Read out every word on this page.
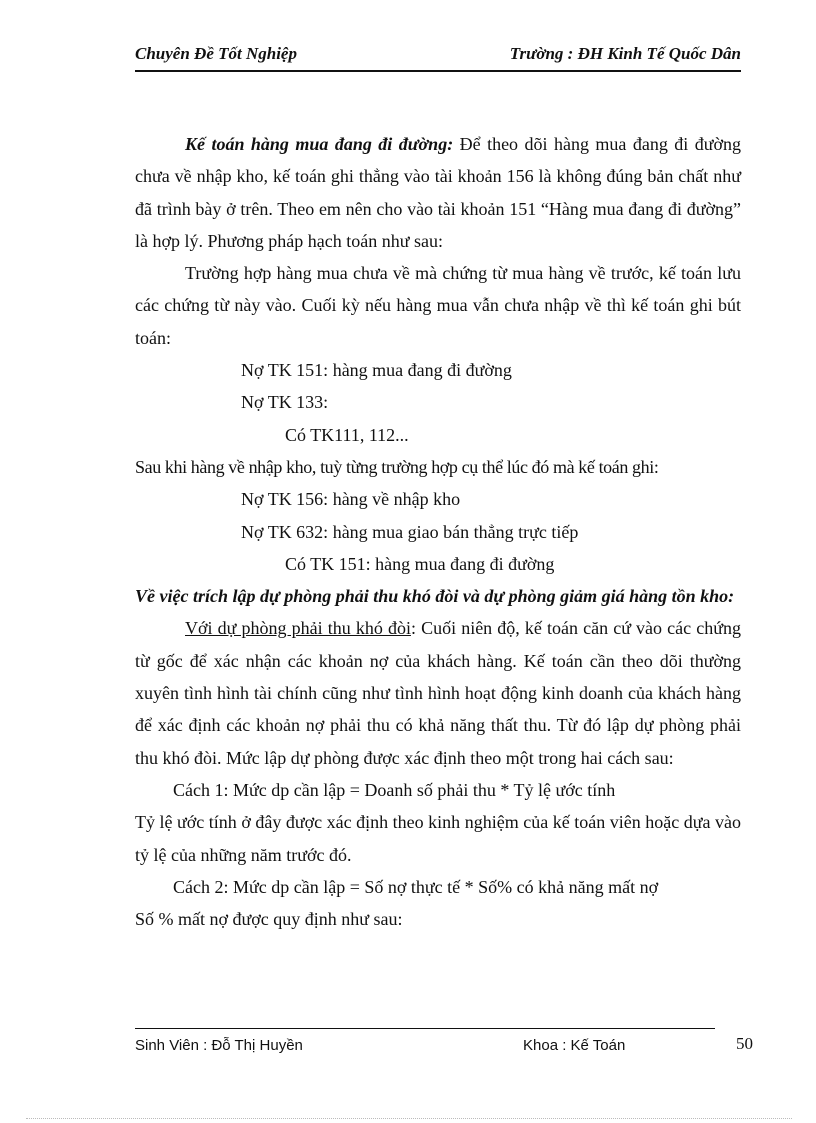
Chuyên Đề Tốt Nghiệp	Trường : ĐH Kinh Tế Quốc Dân

Kế toán hàng mua đang đi đường: Để theo dõi hàng mua đang đi đường chưa về nhập kho, kế toán ghi thẳng vào tài khoản 156 là không đúng bản chất như đã trình bày ở trên. Theo em nên cho vào tài khoản 151 “Hàng mua đang đi đường” là hợp lý. Phương pháp hạch toán như sau:

Trường hợp hàng mua chưa về mà chứng từ mua hàng về trước, kế toán lưu các chứng từ này vào. Cuối kỳ nếu hàng mua vẫn chưa nhập về thì kế toán ghi bút toán:

Nợ TK 151: hàng mua đang đi đường

Nợ TK 133:

Có TK111, 112...

Sau khi hàng về nhập kho, tuỳ từng trường hợp cụ thể lúc đó mà kế toán ghi:

Nợ TK 156: hàng về nhập kho

Nợ TK 632: hàng mua giao bán thẳng trực tiếp

Có TK 151: hàng mua đang đi đường

Về việc trích lập dự phòng phải thu khó đòi và dự phòng giảm giá hàng tồn kho:

Với dự phòng phải thu khó đòi: Cuối niên độ, kế toán căn cứ vào các chứng từ gốc để xác nhận các khoản nợ của khách hàng. Kế toán cần theo dõi thường xuyên tình hình tài chính cũng như tình hình hoạt động kinh doanh của khách hàng để xác định các khoản nợ phải thu có khả năng thất thu. Từ đó lập dự phòng phải thu khó đòi. Mức lập dự phòng được xác định theo một trong hai cách sau:

Cách 1: Mức dp cần lập = Doanh số phải thu * Tỷ lệ ước tính

Tỷ lệ ước tính ở đây được xác định theo kinh nghiệm của kế toán viên hoặc dựa vào tỷ lệ của những năm trước đó.

Cách 2: Mức dp cần lập = Số nợ thực tế * Số% có khả năng mất nợ

Số % mất nợ được quy định như sau:

Sinh Viên : Đỗ Thị Huyền	Khoa : Kế Toán	50
